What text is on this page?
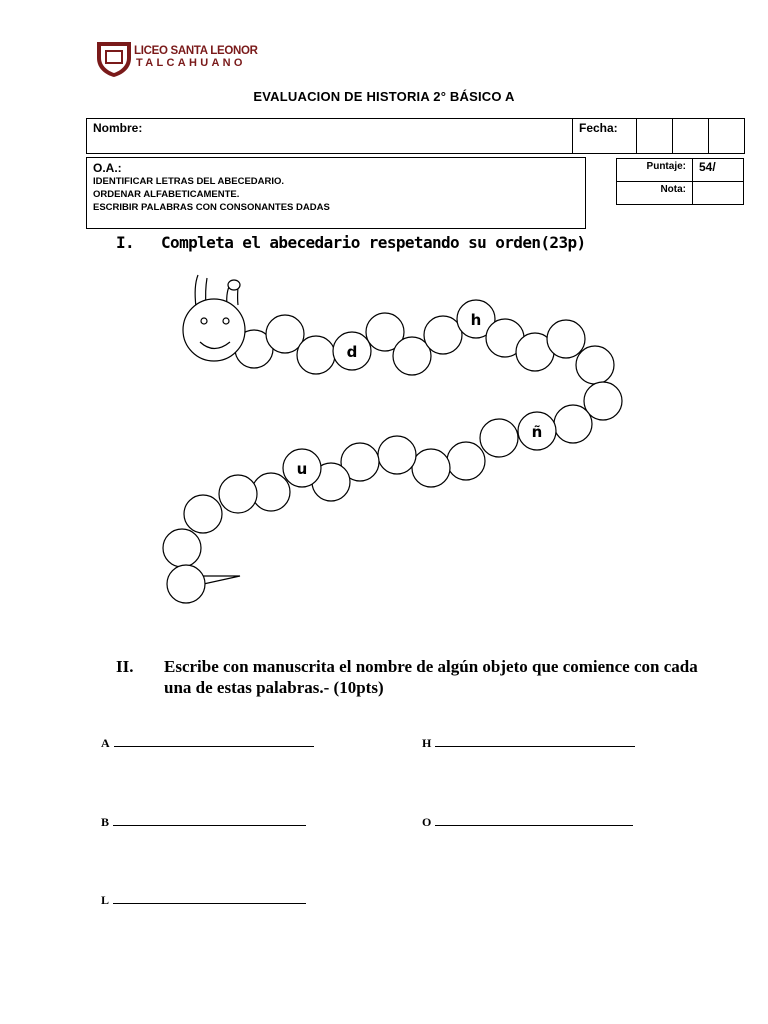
LICEO SANTA LEONOR
TALCAHUANO
EVALUACION DE HISTORIA 2° BÁSICO A
Nombre:	Fecha:			
O.A.:
IDENTIFICAR LETRAS DEL ABECEDARIO.
ORDENAR ALFABETICAMENTE.
ESCRIBIR PALABRAS CON CONSONANTES DADAS
Puntaje:	54/
Nota:	
I. Completa el abecedario respetando su orden(23p)
d
h
ñ
u
II.	Escribe con manuscrita el nombre de algún objeto que comience con cada una de estas palabras.- (10pts)
A	H
B	O
L
